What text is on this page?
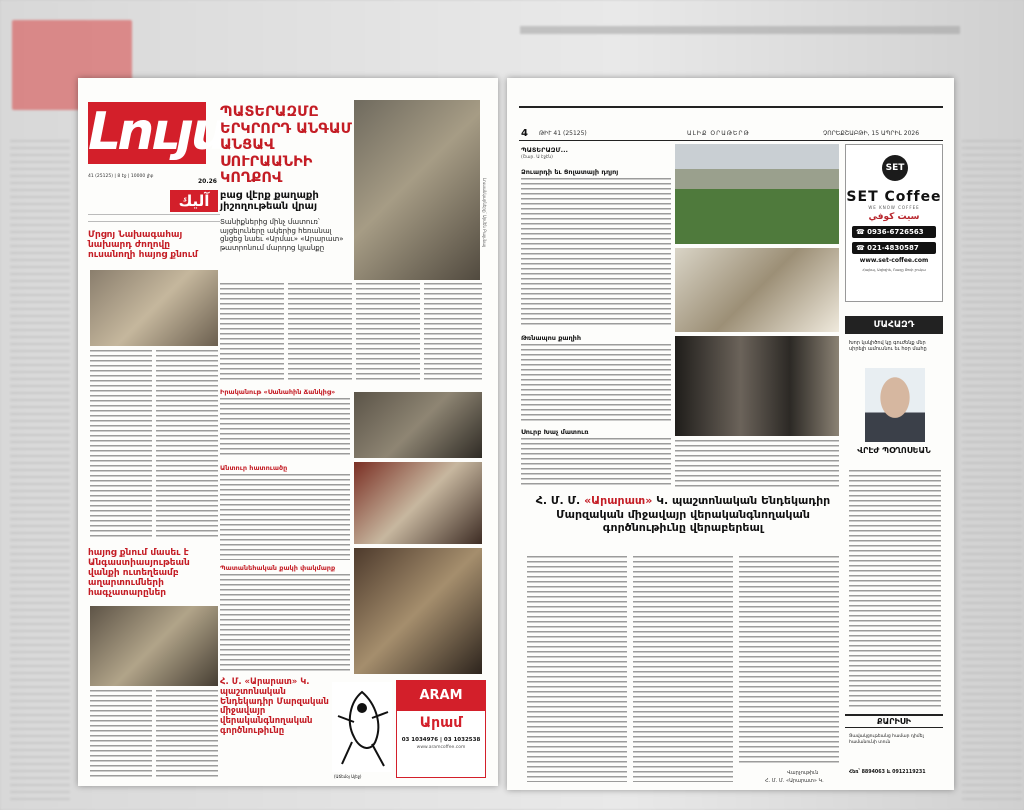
Լույս
41 (25125) | 8 էջ | 10000 լիբ
20.26
آليك
ՊԱՏԵՐԱԶՄԸ ԵՐԿՐՈՐԴ ԱՆԳԱՄ ԱՆՑԱՎ ՍՈՒՐԱԱՆԻԻ ԿՈՂՔՈՎ
բաց վէրք քաղաքի յիշողութեան վրայ
Տանիքներից մինչ մատուռ՝ այցելուները ակերից հեռանալ ցնցեց նաեւ «Արմաւ» «Արարատ» թատրոնում մարդոց կյանքը
Լուսանկարները՝ Արմեն Բալսնայ
Մրցոյ Նախագահայ նախարդ ժողովը ուսանողի հայոց քնում
Իրականութ «Սանահին Ճանկից»
Անտուր հատուածը
Պատանեհական քակի փակմարք
հայոց քնում մասեւ է Անգաստիասյութեան վանքի ուտեղեամբ աղարտումների հագչատարըներ
Հ. Մ. «Արարատ» Կ. պաշտոնական Ենդեկադիր Մարզական միջավայր վերականգնողական գործնութիւնը
(Աճեմօյ Ալեջ)
ARAM
Արամ
03 1034976 | 03 1032538
www.aramcoffee.com
4 ԹԻՒ 41 (25125)	ԱԼԻՔ ՕՐԱԹԵՐԹ	ՉՈՐԵՔՇԱԲԹԻ, 15 ԱՊՐԻԼ 2026
ՊԱՏԵՐԱԶՄ...
(Շար. Ա էջէն)
Ձուարդի եւ Ցոլատայի դղյոյ
Թռնապոս քաղիհ
Սուրբ Խաչ մատուռ
Հ. Մ. Մ. «Արարատ» Կ. պաշտոնական Ենդեկադիր Մարզական միջավայր վերականգնողական գործնութիւնը վերաբերեալ
Վարչութիւն
Հ. Մ. Մ. «Արարատ» Կ.
SET
SET Coffee
WE KNOW COFFEE
سيت كوفي
☎ 0936-6726563
☎ 021-4830587
www.set-coffee.com
Հալեպ, Ազիզիե, Ռազը Թոփ շուկա
ՄԱՀԱԶԴ
Խոր կսկիծով կը գուժենք մեր սիրելի ամուսնու եւ հօր մահը
ՎՐԷԺ ՊՕՂՈՍԵԱՆ
ՔԱՐԻՍԻ
Ցավակցութեանց համար դիմել համանունի տուն
Հեռ՝ 8894063 և 0912119231
